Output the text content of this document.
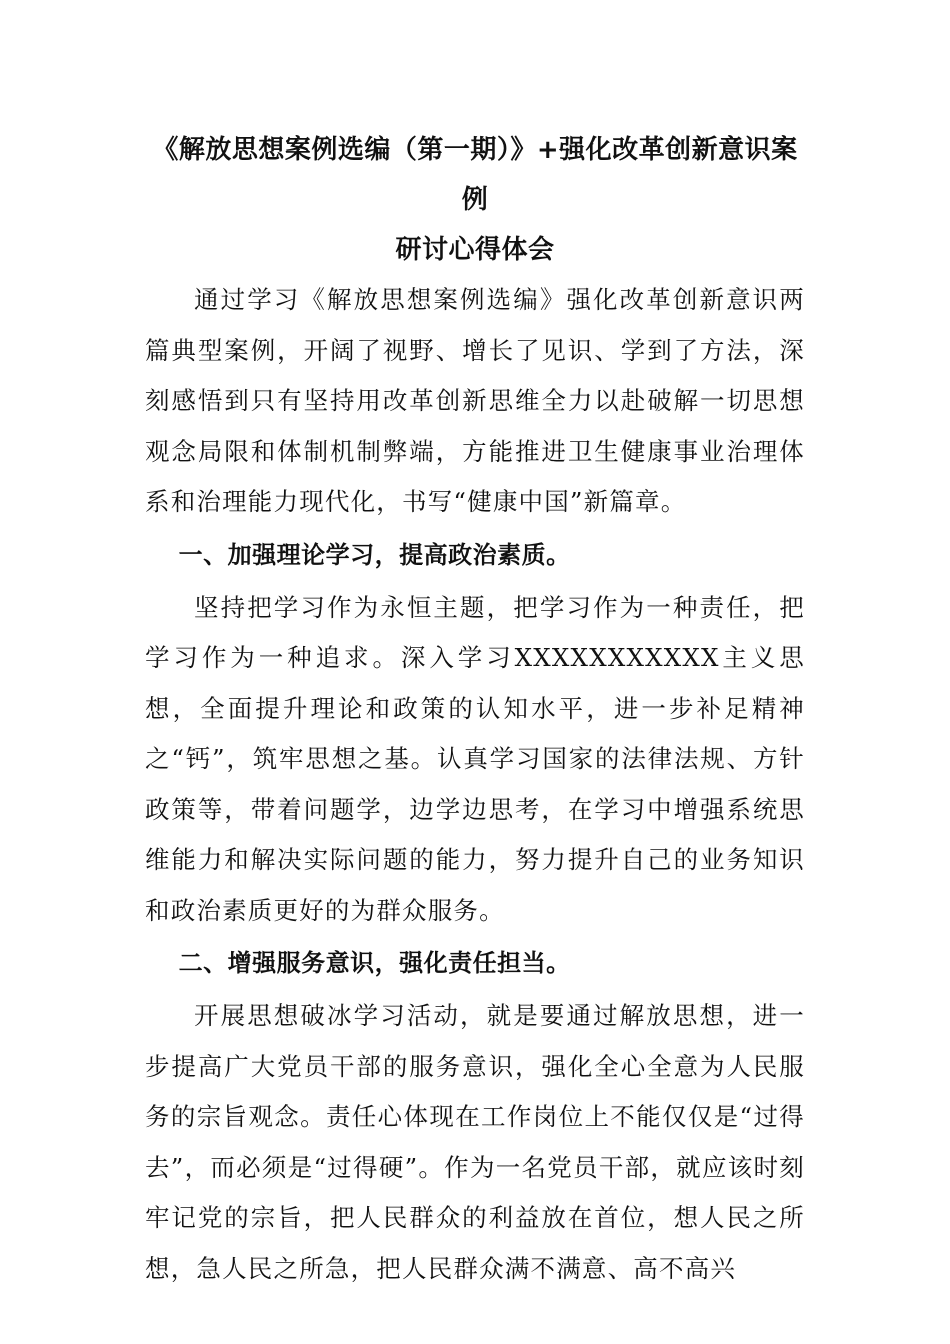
《解放思想案例选编（第一期）》+强化改革创新意识案例
研讨心得体会

通过学习《解放思想案例选编》强化改革创新意识两篇典型案例，开阔了视野、增长了见识、学到了方法，深刻感悟到只有坚持用改革创新思维全力以赴破解一切思想观念局限和体制机制弊端，方能推进卫生健康事业治理体系和治理能力现代化，书写“健康中国”新篇章。

一、加强理论学习，提高政治素质。

坚持把学习作为永恒主题，把学习作为一种责任，把学习作为一种追求。深入学习XXXXXXXXXXX主义思想，全面提升理论和政策的认知水平，进一步补足精神之“钙”，筑牢思想之基。认真学习国家的法律法规、方针政策等，带着问题学，边学边思考，在学习中增强系统思维能力和解决实际问题的能力，努力提升自己的业务知识和政治素质更好的为群众服务。

二、增强服务意识，强化责任担当。

开展思想破冰学习活动，就是要通过解放思想，进一步提高广大党员干部的服务意识，强化全心全意为人民服务的宗旨观念。责任心体现在工作岗位上不能仅仅是“过得去”，而必须是“过得硬”。作为一名党员干部，就应该时刻牢记党的宗旨，把人民群众的利益放在首位，想人民之所想，急人民之所急，把人民群众满不满意、高不高兴
